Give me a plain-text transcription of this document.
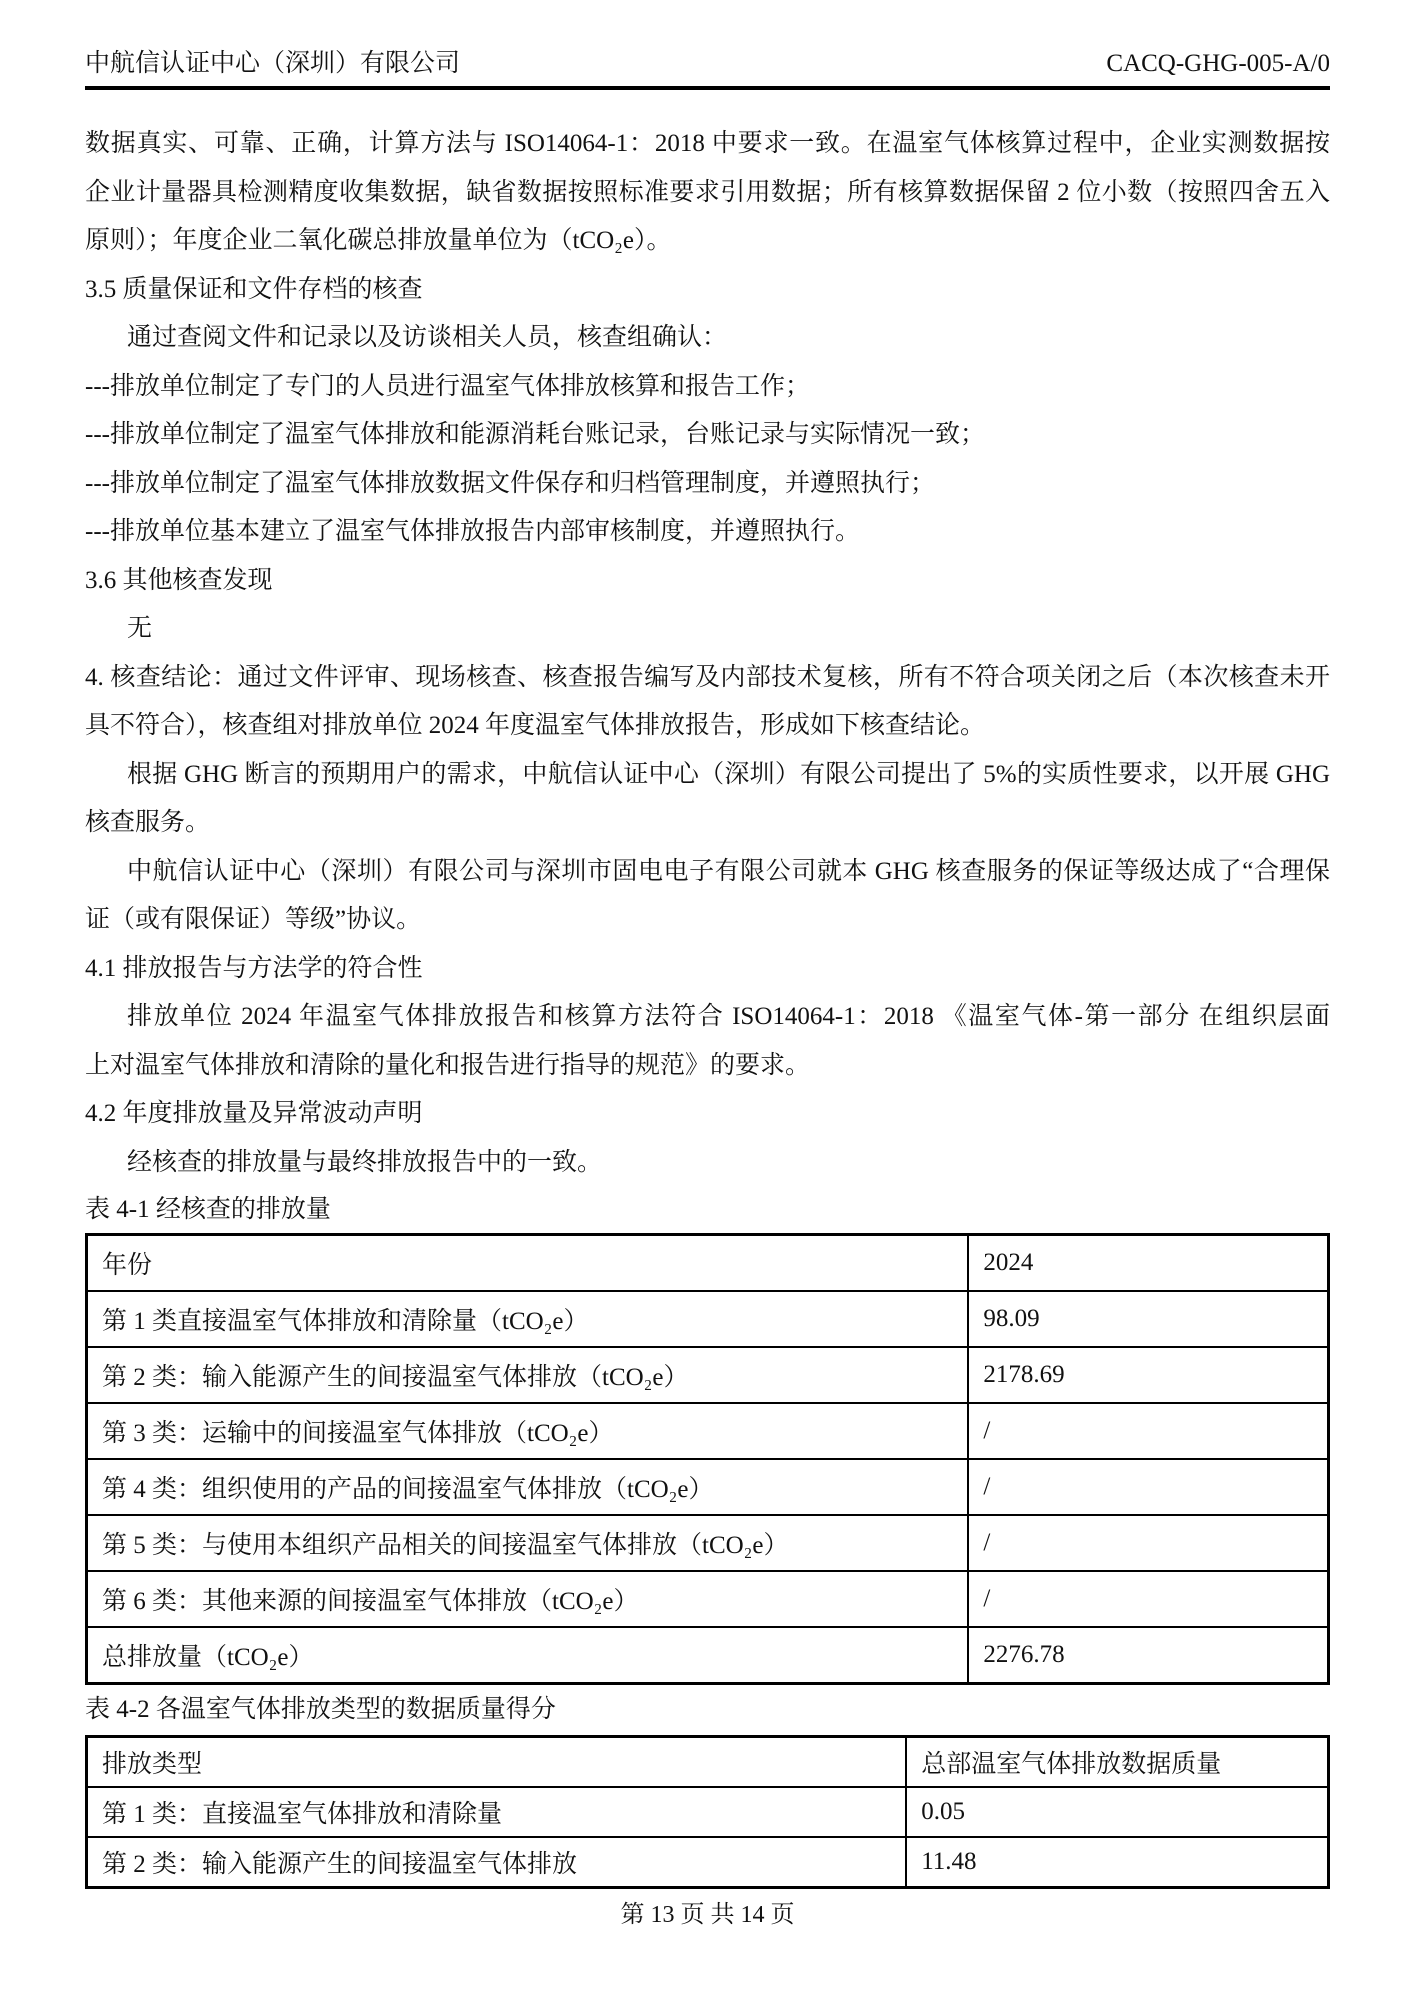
中航信认证中心（深圳）有限公司	CACQ-GHG-005-A/0
数据真实、可靠、正确，计算方法与 ISO14064-1：2018 中要求一致。在温室气体核算过程中，企业实测数据按
企业计量器具检测精度收集数据，缺省数据按照标准要求引用数据；所有核算数据保留 2 位小数（按照四舍五入
原则）；年度企业二氧化碳总排放量单位为（tCO₂e）。
3.5 质量保证和文件存档的核查
通过查阅文件和记录以及访谈相关人员，核查组确认：
---排放单位制定了专门的人员进行温室气体排放核算和报告工作；
---排放单位制定了温室气体排放和能源消耗台账记录，台账记录与实际情况一致；
---排放单位制定了温室气体排放数据文件保存和归档管理制度，并遵照执行；
---排放单位基本建立了温室气体排放报告内部审核制度，并遵照执行。
3.6 其他核查发现
无
4. 核查结论：通过文件评审、现场核查、核查报告编写及内部技术复核，所有不符合项关闭之后（本次核查未开
具不符合），核查组对排放单位 2024 年度温室气体排放报告，形成如下核查结论。
根据 GHG 断言的预期用户的需求，中航信认证中心（深圳）有限公司提出了 5%的实质性要求，以开展 GHG
核查服务。
中航信认证中心（深圳）有限公司与深圳市固电电子有限公司就本 GHG 核查服务的保证等级达成了“合理保
证（或有限保证）等级”协议。
4.1 排放报告与方法学的符合性
排放单位 2024 年温室气体排放报告和核算方法符合 ISO14064-1：2018 《温室气体-第一部分 在组织层面
上对温室气体排放和清除的量化和报告进行指导的规范》的要求。
4.2 年度排放量及异常波动声明
经核查的排放量与最终排放报告中的一致。
表 4-1 经核查的排放量
年份	2024
第 1 类直接温室气体排放和清除量（tCO₂e）	98.09
第 2 类：输入能源产生的间接温室气体排放（tCO₂e）	2178.69
第 3 类：运输中的间接温室气体排放（tCO₂e）	/
第 4 类：组织使用的产品的间接温室气体排放（tCO₂e）	/
第 5 类：与使用本组织产品相关的间接温室气体排放（tCO₂e）	/
第 6 类：其他来源的间接温室气体排放（tCO₂e）	/
总排放量（tCO₂e）	2276.78
表 4-2 各温室气体排放类型的数据质量得分
排放类型	总部温室气体排放数据质量
第 1 类：直接温室气体排放和清除量	0.05
第 2 类：输入能源产生的间接温室气体排放	11.48
第 13 页 共 14 页
